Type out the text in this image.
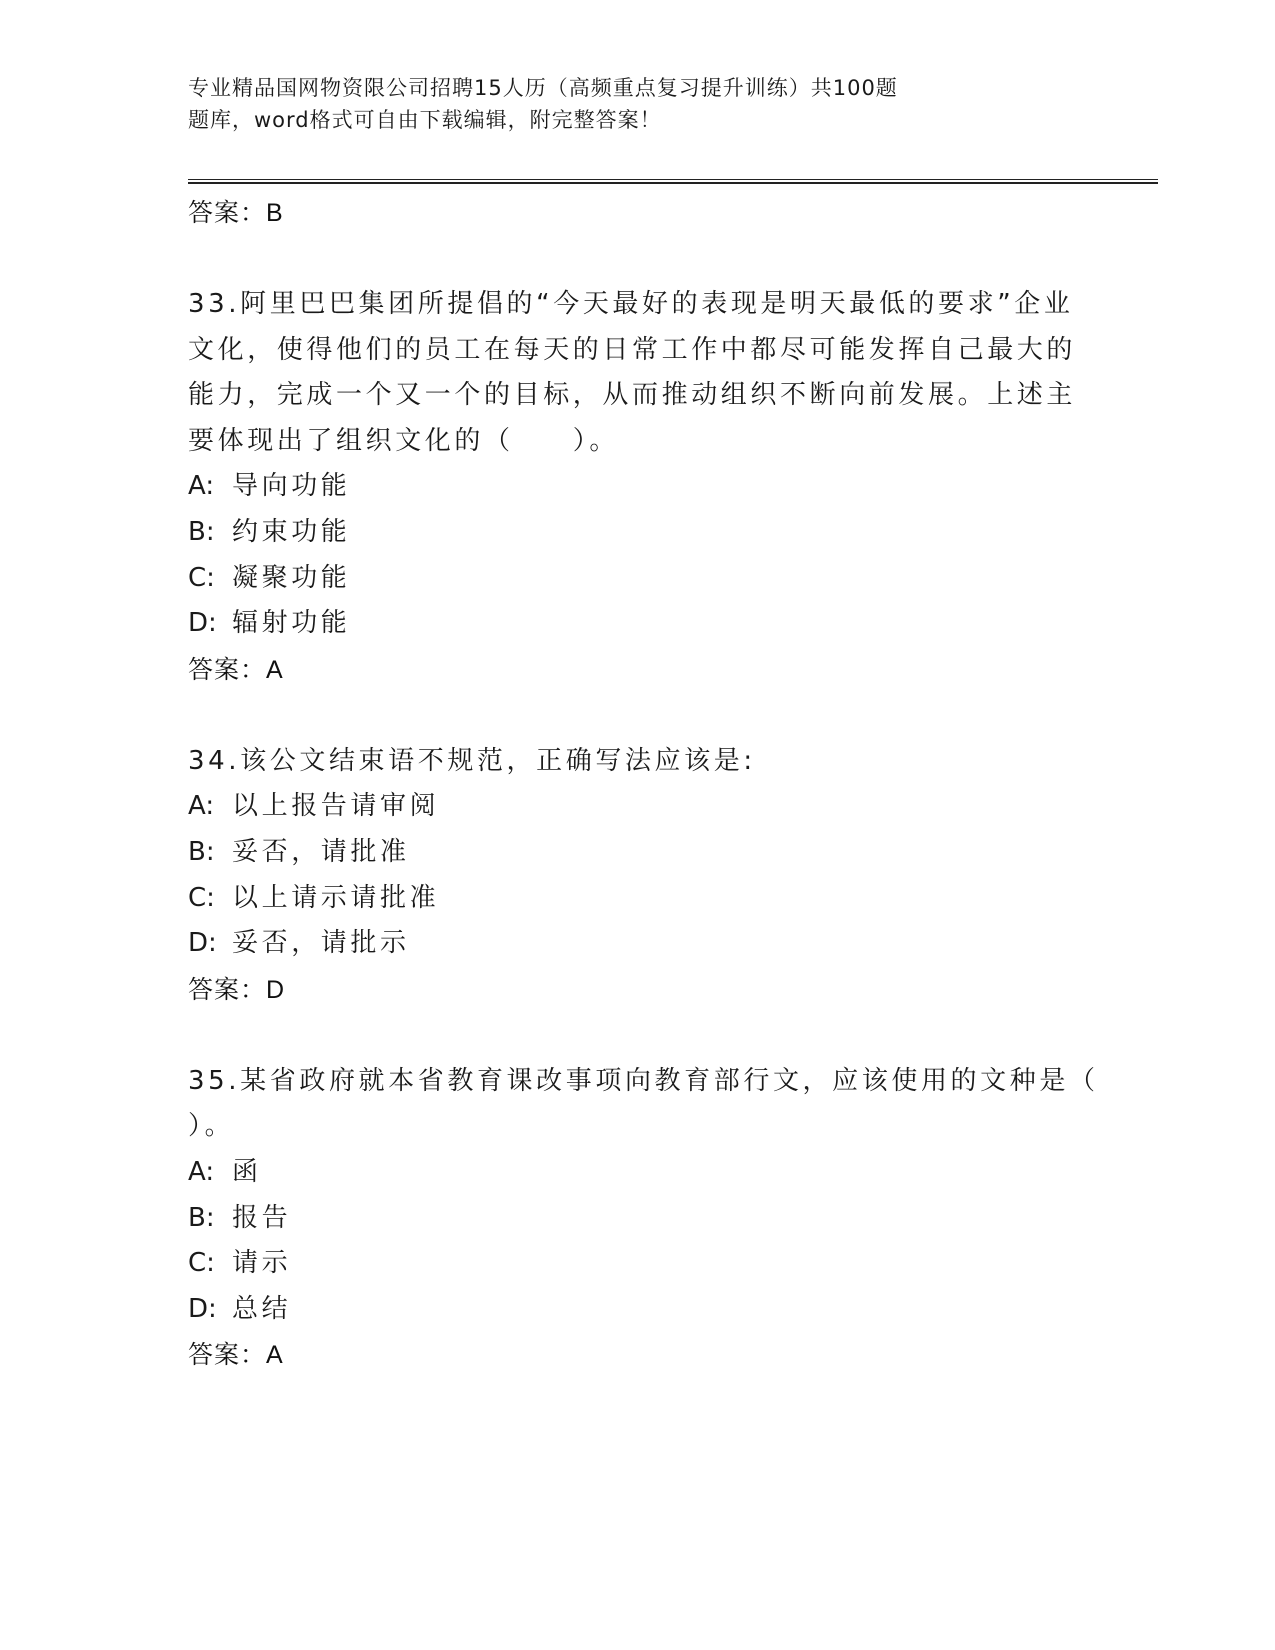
专业精品国网物资限公司招聘15人历（高频重点复习提升训练）共100题
题库，word格式可自由下载编辑，附完整答案！
答案：B
33.阿里巴巴集团所提倡的“今天最好的表现是明天最低的要求”企业
文化，使得他们的员工在每天的日常工作中都尽可能发挥自己最大的
能力，完成一个又一个的目标，从而推动组织不断向前发展。上述主
要体现出了组织文化的（　　）。
A: 导向功能
B: 约束功能
C: 凝聚功能
D: 辐射功能
答案：A
34.该公文结束语不规范，正确写法应该是:
A: 以上报告请审阅
B: 妥否，请批准
C: 以上请示请批准
D: 妥否，请批示
答案：D
35.某省政府就本省教育课改事项向教育部行文，应该使用的文种是（
）。
A: 函
B: 报告
C: 请示
D: 总结
答案：A
